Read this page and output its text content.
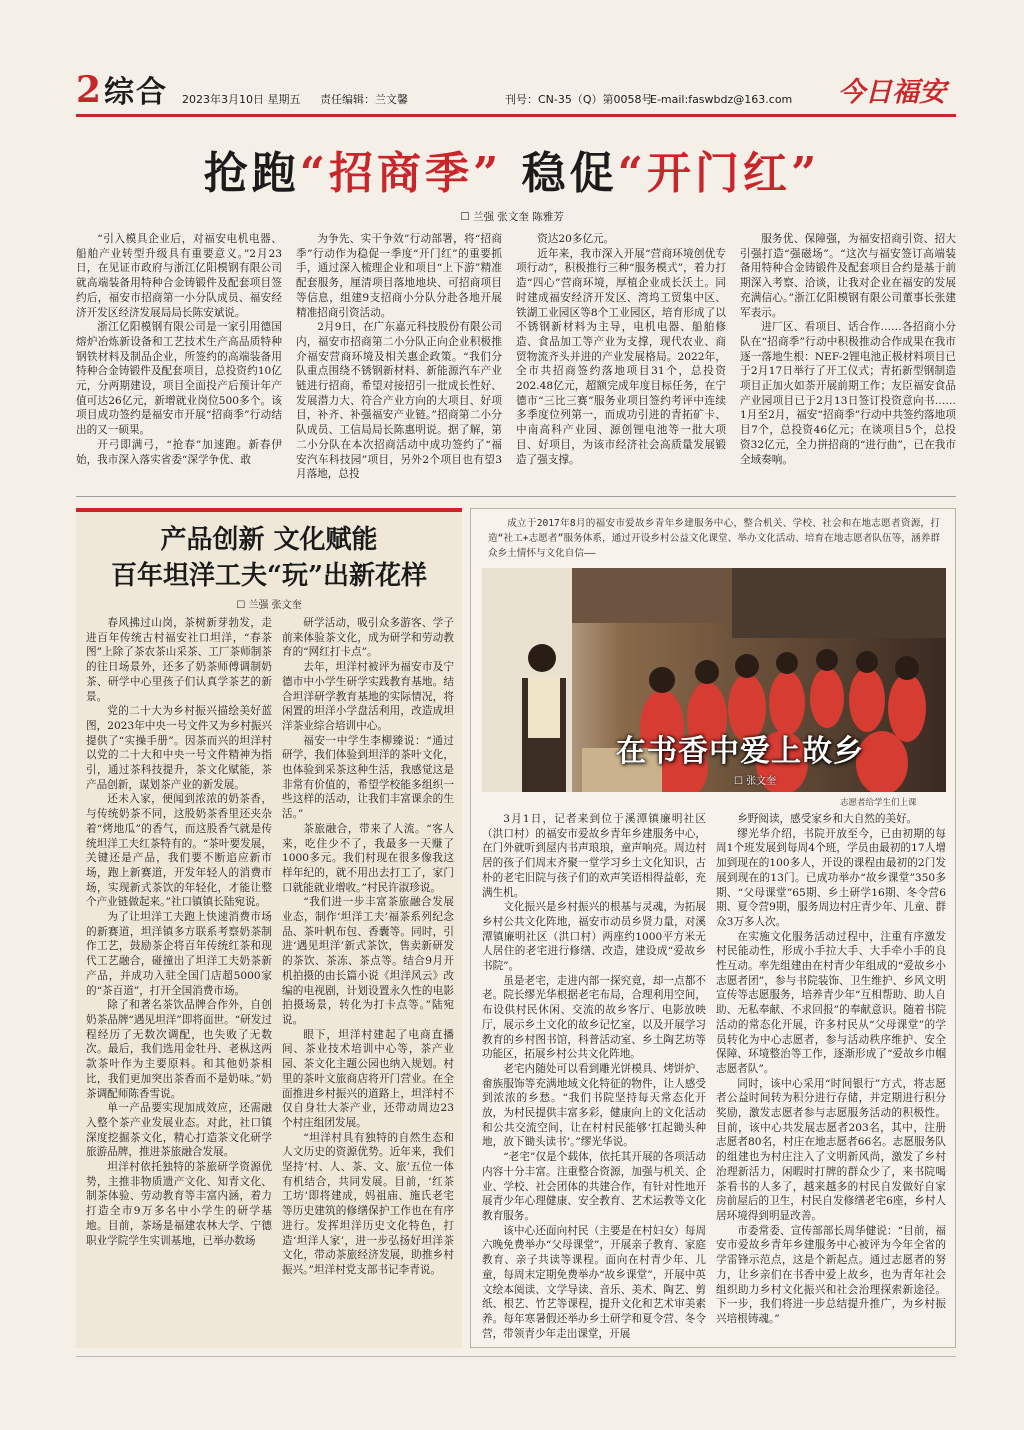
2 综合 2023年3月10日 星期五 责任编辑：兰文馨	刊号：CN-35（Q）第0058号
E-mail:faswbdz@163.com 今日福安
抢跑“招商季” 稳促“开门红”
☐ 兰强 张文奎 陈雅芳

“引入模具企业后，对福安电机电器、船舶产业转型升级具有重要意义。”2月23日，在见证市政府与浙江亿阳模钢有限公司就高端装备用特种合金铸锻件及配套项目签约后，福安市招商第一小分队成员、福安经济开发区经济发展局局长陈安斌说。

浙江亿阳模钢有限公司是一家引用德国熔炉冶炼新设备和工艺技术生产高品质特种钢铁材料及制品企业，所签约的高端装备用特种合金铸锻件及配套项目，总投资约10亿元，分两期建设，项目全面投产后预计年产值可达26亿元，新增就业岗位500多个。该项目成功签约是福安市开展“招商季”行动结出的又一硕果。

开弓即满弓，“抢春”加速跑。新春伊始，我市深入落实省委“深学争优、敢

为争先、实干争效”行动部署，将“招商季”行动作为稳促一季度“开门红”的重要抓手，通过深入梳理企业和项目“上下游”精准配套服务，厘清项目落地地块、可招商项目等信息，组建9支招商小分队分赴各地开展精准招商引资活动。

2月9日，在广东嘉元科技股份有限公司内，福安市招商第二小分队正向企业积极推介福安营商环境及相关惠企政策。“我们分队重点围绕不锈钢新材料、新能源汽车产业链进行招商，希望对接招引一批成长性好、发展潜力大、符合产业方向的大项目、好项目，补齐、补强福安产业链。”招商第二小分队成员、工信局局长陈惠明说。据了解，第二小分队在本次招商活动中成功签约了“福安汽车科技园”项目，另外2个项目也有望3月落地，总投

资达20多亿元。

近年来，我市深入开展“营商环境创优专项行动”，积极推行三种“服务模式”，着力打造“四心”营商环境，厚植企业成长沃土。同时建成福安经济开发区、湾坞工贸集中区、铁湖工业园区等8个工业园区，培育形成了以不锈钢新材料为主导，电机电器、船舶修造、食品加工等产业为支撑，现代农业、商贸物流齐头并进的产业发展格局。2022年，全市共招商签约落地项目31个，总投资202.48亿元，超额完成年度目标任务，在宁德市“三比三赛”服务业项目签约考评中连续多季度位列第一，而成功引进的青拓矿卡、中南高科产业园、源创锂电池等一批大项目、好项目，为该市经济社会高质量发展锻造了强支撑。

服务优、保障强，为福安招商引资、招大引强打造“强磁场”。“这次与福安签订高端装备用特种合金铸锻件及配套项目合约是基于前期深入考察、洽谈，让我对企业在福安的发展充满信心。”浙江亿阳模钢有限公司董事长张建军表示。

进厂区、看项目、话合作……各招商小分队在“招商季”行动中积极推动合作成果在我市逐一落地生根：NEF-2锂电池正极材料项目已于2月17日举行了开工仪式；青拓新型钢制造项目正加火如荼开展前期工作；友臣福安食品产业园项目已于2月13日签订投资意向书……1月至2月，福安“招商季”行动中共签约落地项目7个，总投资46亿元；在谈项目5个，总投资32亿元，全力拼招商的“进行曲”，已在我市全域奏响。

产品创新 文化赋能
百年坦洋工夫“玩”出新花样
☐ 兰强 张文奎

春风拂过山岗，茶树新芽勃发，走进百年传统古村福安社口坦洋，“春茶图”上除了茶农茶山采茶、工厂茶师制茶的往日场景外，还多了奶茶师傅调制奶茶、研学中心里孩子们认真学茶艺的新景。

党的二十大为乡村振兴描绘美好蓝图，2023年中央一号文件又为乡村振兴提供了“实操手册”。因茶而兴的坦洋村以党的二十大和中央一号文件精神为指引，通过茶科技提升，茶文化赋能，茶产品创新，谋划茶产业的新发展。

还未入家，便闻到浓浓的奶茶香，与传统奶茶不同，这股奶茶香里还夹杂着“烤地瓜”的香气，而这股香气就是传统坦洋工夫红茶特有的。“茶叶要发展，关键还是产品，我们要不断追应新市场，跑上新赛道，开发年轻人的消费市场，实现新式茶饮的年轻化，才能让整个产业链做起来。”社口镇镇长陆宛说。

为了让坦洋工夫跑上快速消费市场的新赛道，坦洋镇多方联系考察奶茶制作工艺，鼓励茶企将百年传统红茶和现代工艺融合，碰撞出了坦洋工夫奶茶新产品，并成功入驻全国门店超5000家的“茶百道”，打开全国消费市场。

除了和著名茶饮品牌合作外，自创奶茶品牌“遇见坦洋”即将面世。“研发过程经历了无数次调配，也失败了无数次。最后，我们选用金牡丹、老枞这两款茶叶作为主要原料。和其他奶茶相比，我们更加突出茶香而不是奶味。”奶茶调配师陈香雪说。

单一产品要实现加成效应，还需融入整个茶产业发展业态。对此，社口镇深度挖掘茶文化，精心打造茶文化研学旅游品牌，推进茶旅融合发展。

坦洋村依托独特的茶旅研学资源优势，主推非物质遗产文化、知青文化、制茶体验、劳动教育等丰富内涵，着力打造全市9万多名中小学生的研学基地。目前，茶场是福建农林大学、宁德职业学院学生实训基地，已举办数场

研学活动，吸引众多游客、学子前来体验茶文化，成为研学和劳动教育的“网红打卡点”。

去年，坦洋村被评为福安市及宁德市中小学生研学实践教育基地。结合坦洋研学教育基地的实际情况，将闲置的坦洋小学盘活利用，改造成坦洋茶业综合培训中心。

福安一中学生李柳臻说：“通过研学，我们体验到坦洋的茶叶文化，也体验到采茶这种生活，我感觉这是非常有价值的，希望学校能多组织一些这样的活动，让我们丰富课余的生活。”

茶旅融合，带来了人流。“客人来，吃住少不了，我最多一天赚了1000多元。我们村现在很多像我这样年纪的，就不用出去打工了，家门口就能就业增收。”村民许淑珍说。

“我们进一步丰富茶旅融合发展业态，制作‘坦洋工夫’福茶系列纪念品、茶叶帆布包、香囊等。同时，引进‘遇见坦洋’新式茶饮，售卖新研发的茶饮、茶冻、茶点等。结合9月开机拍摄的由长篇小说《坦洋风云》改编的电视剧，计划设置永久性的电影拍摄场景，转化为打卡点等。”陆宛说。

眼下，坦洋村建起了电商直播间、茶业技术培训中心等，茶产业园、茶文化主题公园也纳入规划。村里的茶叶文旅商店将开门营业。在全面推进乡村振兴的道路上，坦洋村不仅自身壮大茶产业，还带动周边23个村庄组团发展。

“坦洋村具有独特的自然生态和人文历史的资源优势。近年来，我们坚持‘村、人、茶、文、旅’五位一体有机结合，共同发展。目前，‘红茶工坊’即将建成，妈祖庙、施氏老宅等历史建筑的修缮保护工作也在有序进行。发挥坦洋历史文化特色，打造‘坦洋人家’，进一步弘扬好坦洋茶文化，带动茶旅经济发展，助推乡村振兴。”坦洋村党支部书记李青说。

成立于2017年8月的福安市爱故乡青年乡建服务中心，整合机关、学校、社会和在地志愿者资源，打造“社工+志愿者”服务体系，通过开设乡村公益文化课堂、举办文化活动、培育在地志愿者队伍等，涵养群众乡土情怀与文化自信——
在书香中爱上故乡
☐ 张文奎
志愿者给学生们上课

3月1日，记者来到位于溪潭镇廉明社区（洪口村）的福安市爱故乡青年乡建服务中心，在门外就听到屋内书声琅琅，童声响亮。周边村居的孩子们周末齐聚一堂学习乡土文化知识，古朴的老宅旧院与孩子们的欢声笑语相得益彰，充满生机。

文化振兴是乡村振兴的根基与灵魂，为拓展乡村公共文化阵地，福安市动员乡贤力量，对溪潭镇廉明社区（洪口村）两座约1000平方米无人居住的老宅进行修缮、改造，建设成“爱故乡书院”。

虽是老宅，走进内部一探究竟，却一点都不老。院长缪光华根据老宅布局，合理利用空间，布设供村民休闲、交流的故乡客厅、电影放映厅，展示乡土文化的故乡记忆室，以及开展学习教育的乡村图书馆，科普活动室、乡土陶艺坊等功能区，拓展乡村公共文化阵地。

老宅内随处可以看到雕光饼模具、烤饼炉、畲族服饰等充满地域文化特征的物件，让人感受到浓浓的乡愁。“我们书院坚持每天常态化开放，为村民提供丰富多彩，健康向上的文化活动和公共交流空间，让在村村民能够‘扛起锄头种地，放下锄头读书’。”缪光华说。

“老宅”仅是个载体，依托其开展的各项活动内容十分丰富。注重整合资源，加强与机关、企业、学校、社会团体的共建合作，有针对性地开展青少年心理健康、安全教育、艺术运教等文化教育服务。

该中心还面向村民（主要是在村妇女）每周六晚免费举办“父母课堂”，开展亲子教育、家庭教育、亲子共读等课程。面向在村青少年、儿童，每周末定期免费举办“故乡课堂”，开展中英文绘本阅读、文学导读、音乐、美术、陶艺、剪纸、根艺、竹艺等课程，提升文化和艺术审美素养。每年寒暑假还举办乡土研学和夏令营、冬令营，带领青少年走出课堂，开展

乡野阅读，感受家乡和大自然的美好。

缪光华介绍，书院开放至今，已由初期的每周1个班发展到每周4个班，学员由最初的17人增加到现在的100多人，开设的课程由最初的2门发展到现在的13门。已成功举办“故乡课堂”350多期、“父母课堂”65期、乡土研学16期、冬令营6期、夏令营9期，服务周边村庄青少年、儿童、群众3万多人次。

在实施文化服务活动过程中，注重有序激发村民能动性，形成小手拉大手、大手牵小手的良性互动。率先组建由在村青少年组成的“爱故乡小志愿者团”，参与书院装饰、卫生维护、乡风文明宣传等志愿服务，培养青少年“互相帮助、助人自助、无私奉献、不求回报”的奉献意识。随着书院活动的常态化开展，许多村民从“父母课堂”的学员转化为中心志愿者，参与活动秩序维护、安全保障、环境整治等工作，逐渐形成了“爱故乡巾帼志愿者队”。

同时，该中心采用“时间银行”方式，将志愿者公益时间转为积分进行存储，并定期进行积分奖励，激发志愿者参与志愿服务活动的积极性。目前，该中心共发展志愿者203名，其中，注册志愿者80名，村庄在地志愿者66名。志愿服务队的组建也为村庄注入了文明新风尚，激发了乡村治理新活力，闲暇时打牌的群众少了，来书院喝茶看书的人多了，越来越多的村民自发做好自家房前屋后的卫生，村民自发修缮老宅6座，乡村人居环境得到明显改善。

市委常委、宣传部部长周华健说：“目前，福安市爱故乡青年乡建服务中心被评为今年全省的学雷锋示范点，这是个新起点。通过志愿者的努力，让乡亲们在书香中爱上故乡，也为青年社会组织助力乡村文化振兴和社会治理探索新途径。下一步，我们将进一步总结提升推广，为乡村振兴培根铸魂。”
